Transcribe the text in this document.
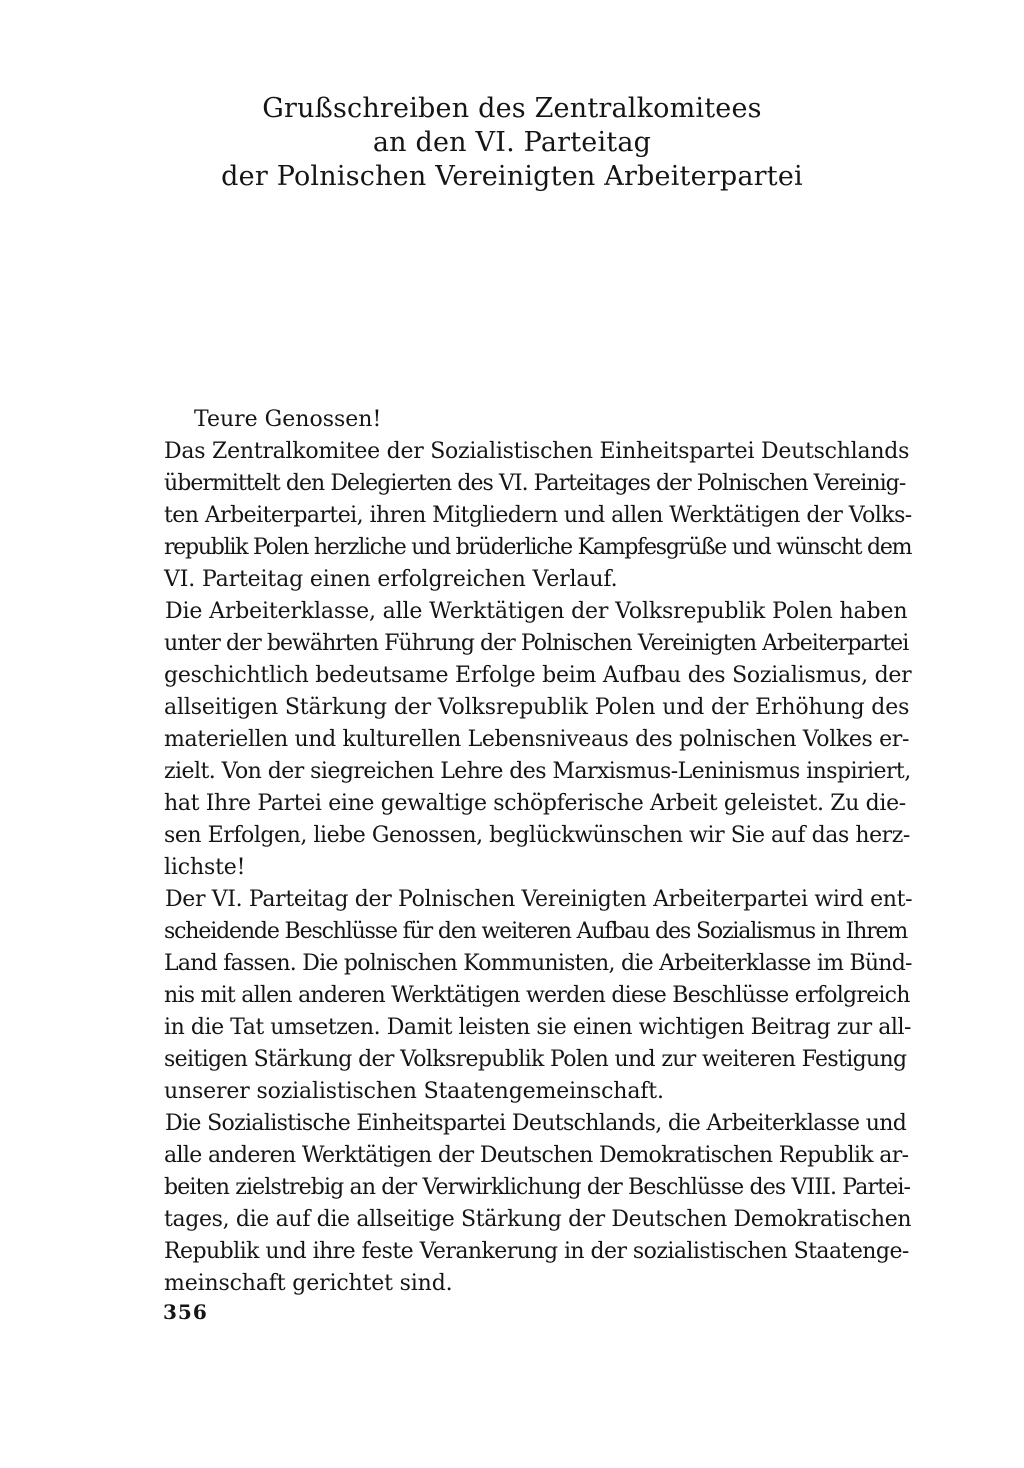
Grußschreiben des Zentralkomitees
an den VI. Parteitag
der Polnischen Vereinigten Arbeiterpartei
Teure Genossen!
Das Zentralkomitee der Sozialistischen Einheitspartei Deutschlands
übermittelt den Delegierten des VI. Parteitages der Polnischen Vereinig-
ten Arbeiterpartei, ihren Mitgliedern und allen Werktätigen der Volks-
republik Polen herzliche und brüderliche Kampfesgrüße und wünscht dem
VI. Parteitag einen erfolgreichen Verlauf.
Die Arbeiterklasse, alle Werktätigen der Volksrepublik Polen haben
unter der bewährten Führung der Polnischen Vereinigten Arbeiterpartei
geschichtlich bedeutsame Erfolge beim Aufbau des Sozialismus, der
allseitigen Stärkung der Volksrepublik Polen und der Erhöhung des
materiellen und kulturellen Lebensniveaus des polnischen Volkes er-
zielt. Von der siegreichen Lehre des Marxismus-Leninismus inspiriert,
hat Ihre Partei eine gewaltige schöpferische Arbeit geleistet. Zu die-
sen Erfolgen, liebe Genossen, beglückwünschen wir Sie auf das herz-
lichste!
Der VI. Parteitag der Polnischen Vereinigten Arbeiterpartei wird ent-
scheidende Beschlüsse für den weiteren Aufbau des Sozialismus in Ihrem
Land fassen. Die polnischen Kommunisten, die Arbeiterklasse im Bünd-
nis mit allen anderen Werktätigen werden diese Beschlüsse erfolgreich
in die Tat umsetzen. Damit leisten sie einen wichtigen Beitrag zur all-
seitigen Stärkung der Volksrepublik Polen und zur weiteren Festigung
unserer sozialistischen Staatengemeinschaft.
Die Sozialistische Einheitspartei Deutschlands, die Arbeiterklasse und
alle anderen Werktätigen der Deutschen Demokratischen Republik ar-
beiten zielstrebig an der Verwirklichung der Beschlüsse des VIII. Partei-
tages, die auf die allseitige Stärkung der Deutschen Demokratischen
Republik und ihre feste Verankerung in der sozialistischen Staatenge-
meinschaft gerichtet sind.
356
